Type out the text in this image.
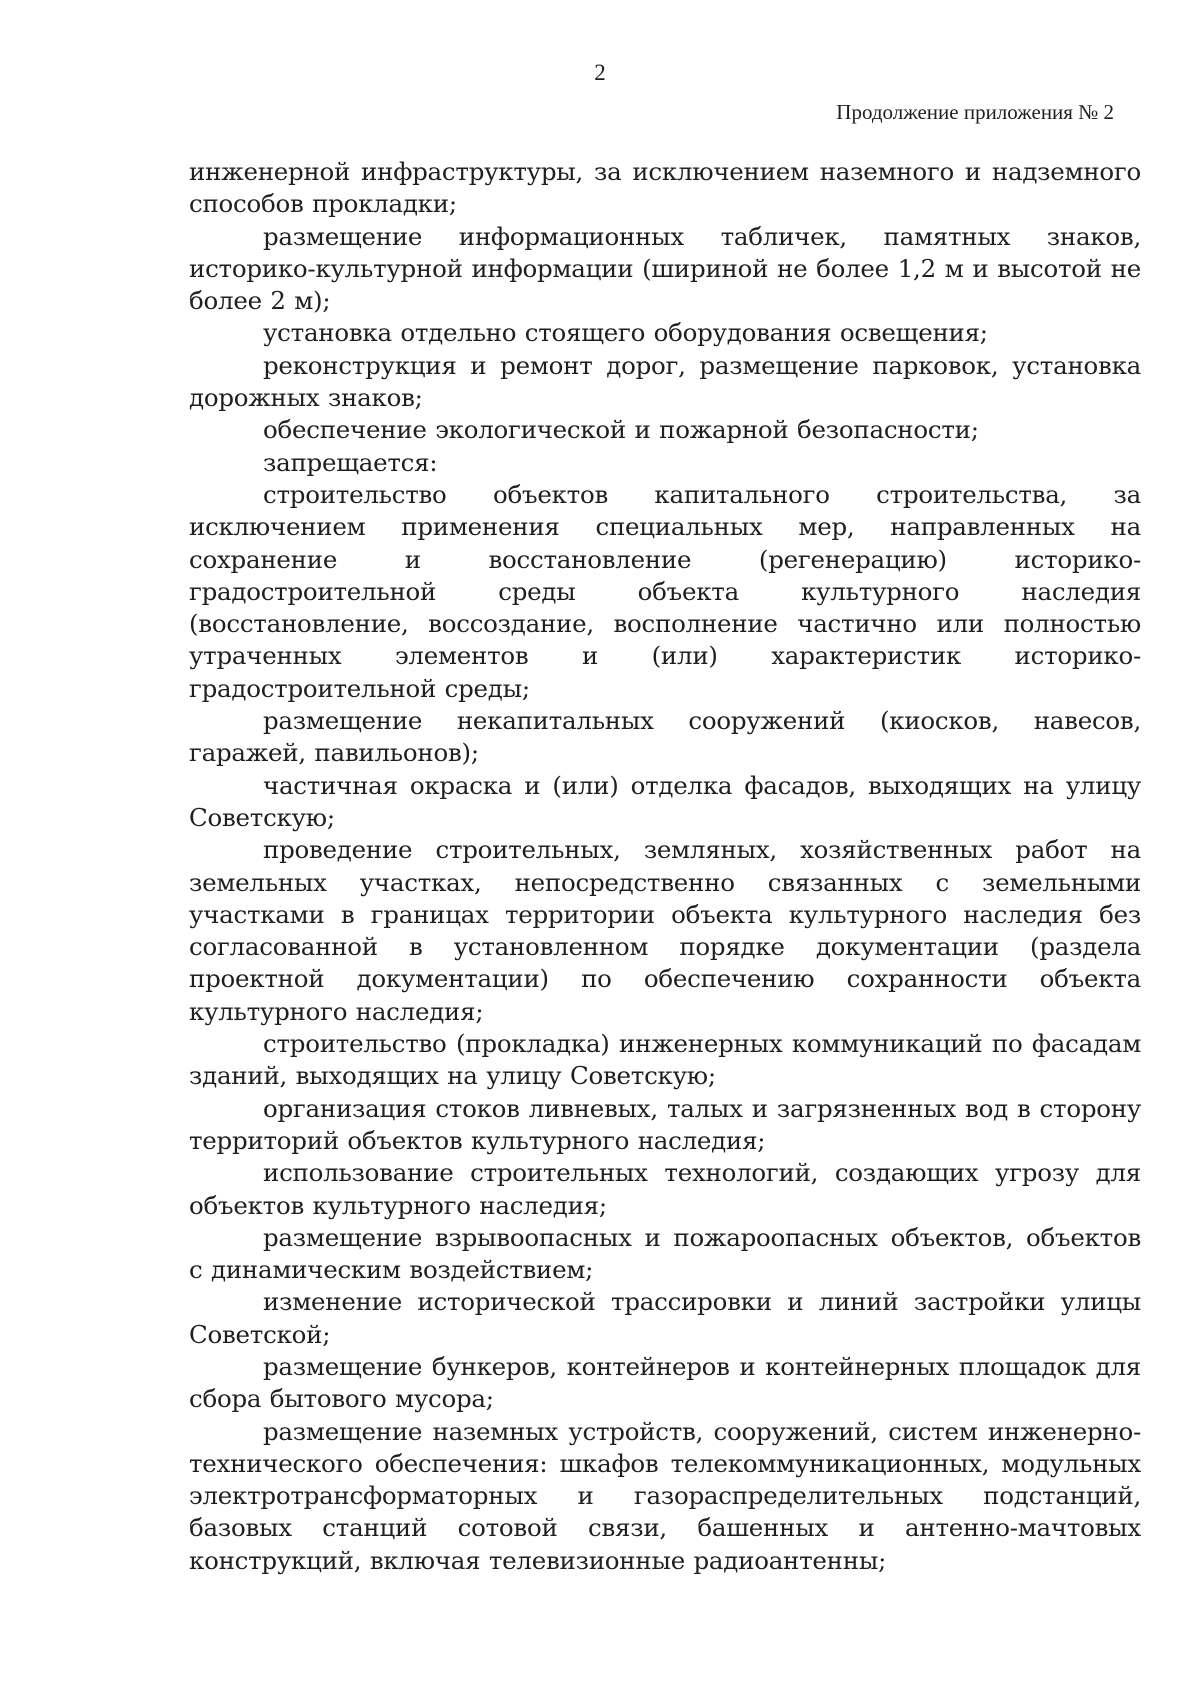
2
Продолжение приложения № 2

инженерной инфраструктуры, за исключением наземного и надземного способов прокладки;

размещение информационных табличек, памятных знаков, историко-культурной информации (шириной не более 1,2 м и высотой не более 2 м);

установка отдельно стоящего оборудования освещения;

реконструкция и ремонт дорог, размещение парковок, установка дорожных знаков;

обеспечение экологической и пожарной безопасности;

запрещается:

строительство объектов капитального строительства, за исключением применения специальных мер, направленных на сохранение и восстановление (регенерацию) историко-градостроительной среды объекта культурного наследия (восстановление, воссоздание, восполнение частично или полностью утраченных элементов и (или) характеристик историко-градостроительной среды;

размещение некапитальных сооружений (киосков, навесов, гаражей, павильонов);

частичная окраска и (или) отделка фасадов, выходящих на улицу Советскую;

проведение строительных, земляных, хозяйственных работ на земельных участках, непосредственно связанных с земельными участками в границах территории объекта культурного наследия без согласованной в установленном порядке документации (раздела проектной документации) по обеспечению сохранности объекта культурного наследия;

строительство (прокладка) инженерных коммуникаций по фасадам зданий, выходящих на улицу Советскую;

организация стоков ливневых, талых и загрязненных вод в сторону территорий объектов культурного наследия;

использование строительных технологий, создающих угрозу для объектов культурного наследия;

размещение взрывоопасных и пожароопасных объектов, объектов с динамическим воздействием;

изменение исторической трассировки и линий застройки улицы Советской;

размещение бункеров, контейнеров и контейнерных площадок для сбора бытового мусора;

размещение наземных устройств, сооружений, систем инженерно-технического обеспечения: шкафов телекоммуникационных, модульных электротрансформаторных и газораспределительных подстанций, базовых станций сотовой связи, башенных и антенно-мачтовых конструкций, включая телевизионные радиоантенны;
